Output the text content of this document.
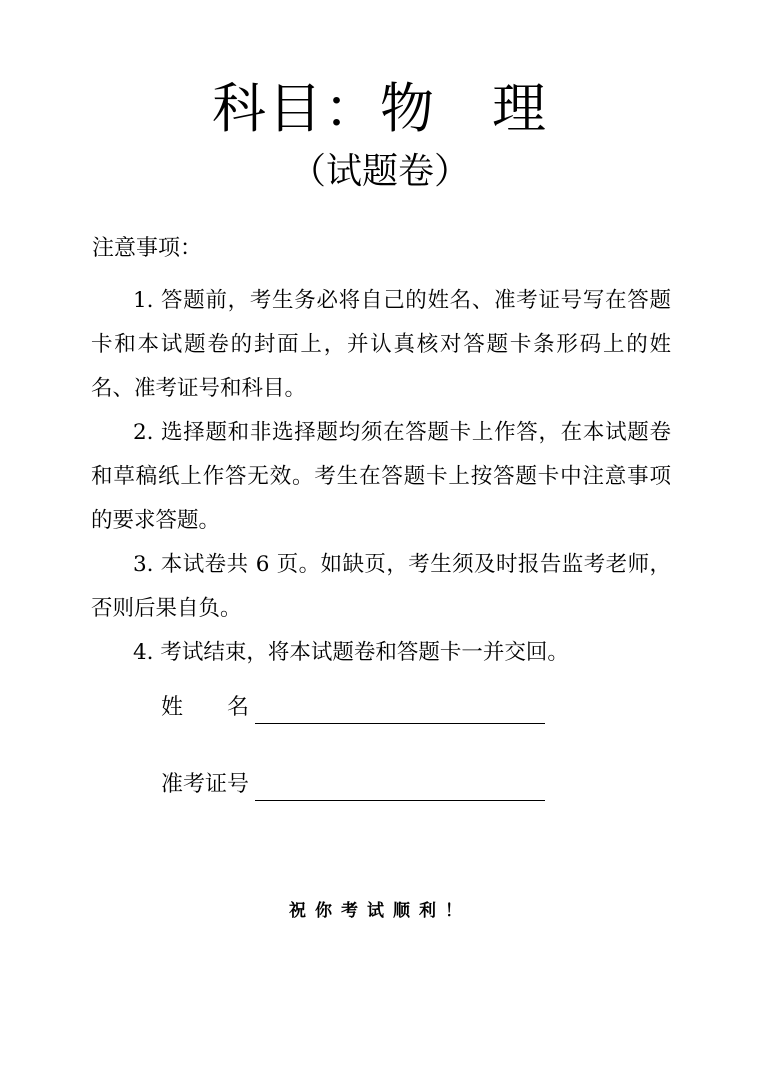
科目：物　理
（试题卷）
注意事项：

1. 答题前，考生务必将自己的姓名、准考证号写在答题卡和本试题卷的封面上，并认真核对答题卡条形码上的姓名、准考证号和科目。

2. 选择题和非选择题均须在答题卡上作答，在本试题卷和草稿纸上作答无效。考生在答题卡上按答题卡中注意事项的要求答题。

3. 本试卷共 6 页。如缺页，考生须及时报告监考老师，否则后果自负。

4. 考试结束，将本试题卷和答题卡一并交回。

姓　　名
准考证号
祝你考试顺利！
